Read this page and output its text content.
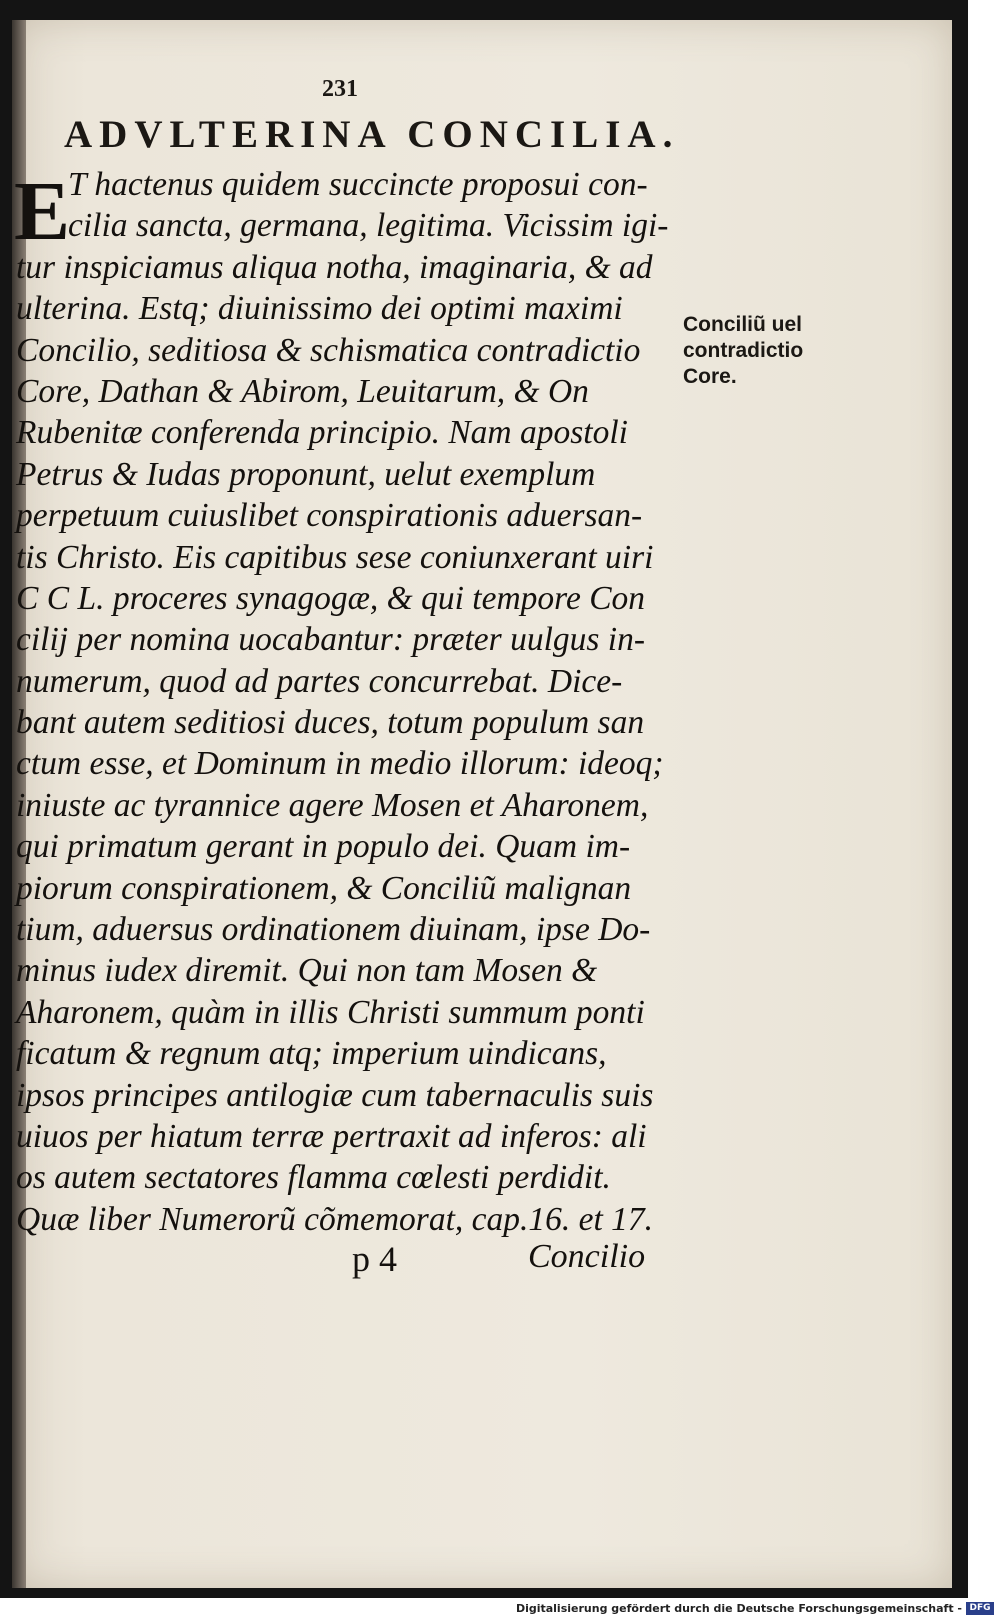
231
ADVLTERINA CONCILIA.
E
T hactenus quidem succincte proposui con-
cilia sancta, germana, legitima. Vicissim igi-
tur inspiciamus aliqua notha, imaginaria, & ad
ulterina. Estq; diuinissimo dei optimi maximi
Concilio, seditiosa & schismatica contradictio
Core, Dathan & Abirom, Leuitarum, & On
Rubenitæ conferenda principio. Nam apostoli
Petrus & Iudas proponunt, uelut exemplum
perpetuum cuiuslibet conspirationis aduersan-
tis Christo. Eis capitibus sese coniunxerant uiri
C C L. proceres synagogæ, & qui tempore Con
cilij per nomina uocabantur: præter uulgus in-
numerum, quod ad partes concurrebat. Dice-
bant autem seditiosi duces, totum populum san
ctum esse, et Dominum in medio illorum: ideoq;
iniuste ac tyrannice agere Mosen et Aharonem,
qui primatum gerant in populo dei. Quam im-
piorum conspirationem, & Conciliũ malignan
tium, aduersus ordinationem diuinam, ipse Do-
minus iudex diremit. Qui non tam Mosen &
Aharonem, quàm in illis Christi summum ponti
ficatum & regnum atq; imperium uindicans,
ipsos principes antilogiæ cum tabernaculis suis
uiuos per hiatum terræ pertraxit ad inferos: ali
os autem sectatores flamma cœlesti perdidit.
Quæ liber Numerorũ cõmemorat, cap.16. et 17.
Conciliũ uel
contradictio
Core.
p 4	Concilio
Digitalisierung gefördert durch die Deutsche Forschungsgemeinschaft - DFG
